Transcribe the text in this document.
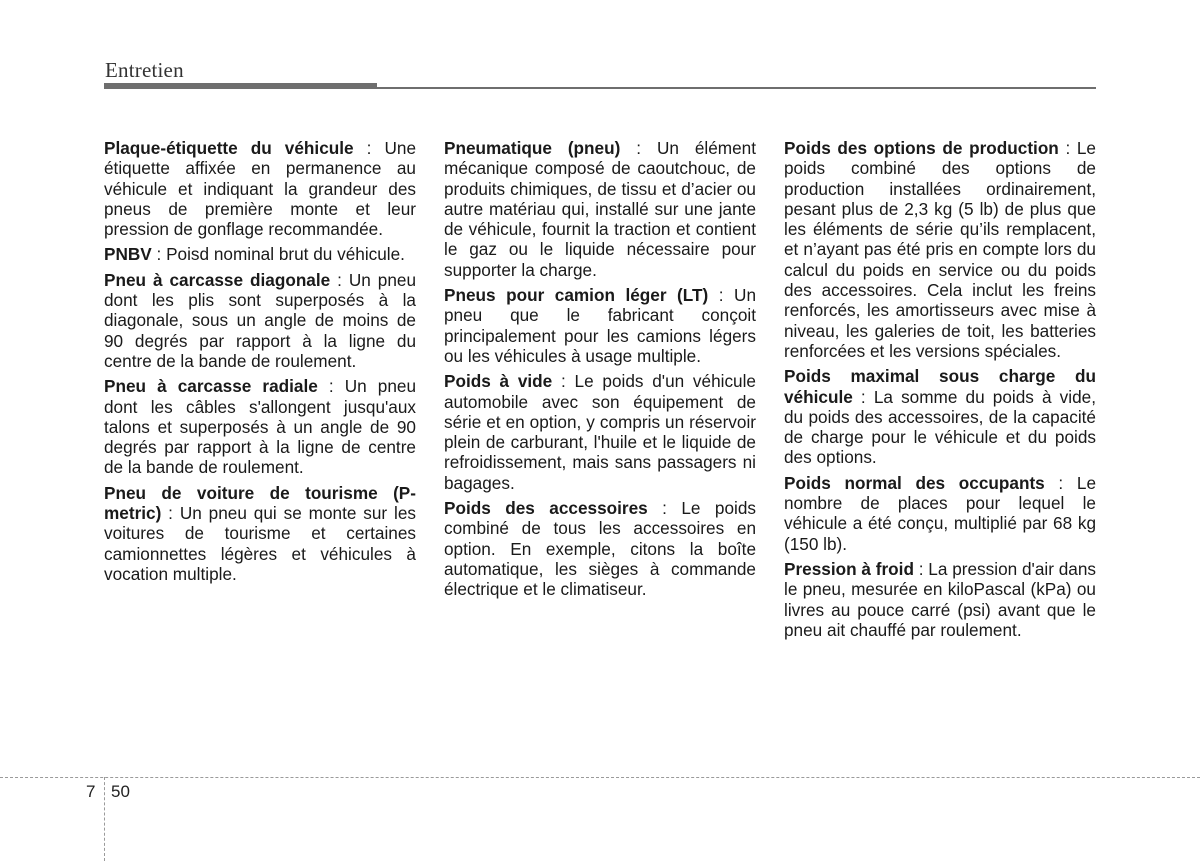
Entretien

Plaque-étiquette du véhicule : Une étiquette affixée en permanence au véhicule et indiquant la grandeur des pneus de première monte et leur pression de gonflage recommandée.

PNBV : Poisd nominal brut du véhicule.

Pneu à carcasse diagonale : Un pneu dont les plis sont superposés à la diagonale, sous un angle de moins de 90 degrés par rapport à la ligne du centre de la bande de roulement.

Pneu à carcasse radiale : Un pneu dont les câbles s'allongent jusqu'aux talons et superposés à un angle de 90 degrés par rapport à la ligne de centre de la bande de roulement.

Pneu de voiture de tourisme (P-metric) : Un pneu qui se monte sur les voitures de tourisme et certaines camionnettes légères et véhicules à vocation multiple.

Pneumatique (pneu) : Un élément mécanique composé de caoutchouc, de produits chimiques, de tissu et d’acier ou autre matériau qui, installé sur une jante de véhicule, fournit la traction et contient le gaz ou le liquide nécessaire pour supporter la charge.

Pneus pour camion léger (LT) : Un pneu que le fabricant conçoit principalement pour les camions légers ou les véhicules à usage multiple.

Poids à vide : Le poids d'un véhicule automobile avec son équipement de série et en option, y compris un réservoir plein de carburant, l'huile et le liquide de refroidissement, mais sans passagers ni bagages.

Poids des accessoires : Le poids combiné de tous les accessoires en option. En exemple, citons la boîte automatique, les sièges à commande électrique et le climatiseur.

Poids des options de production : Le poids combiné des options de production installées ordinairement, pesant plus de 2,3 kg (5 lb) de plus que les éléments de série qu’ils remplacent, et n’ayant pas été pris en compte lors du calcul du poids en service ou du poids des accessoires. Cela inclut les freins renforcés, les amortisseurs avec mise à niveau, les galeries de toit, les batteries renforcées et les versions spéciales.

Poids maximal sous charge du véhicule : La somme du poids à vide, du poids des accessoires, de la capacité de charge pour le véhicule et du poids des options.

Poids normal des occupants : Le nombre de places pour lequel le véhicule a été conçu, multiplié par 68 kg (150 lb).

Pression à froid : La pression d'air dans le pneu, mesurée en kiloPascal (kPa) ou livres au pouce carré (psi) avant que le pneu ait chauffé par roulement.

7 50
